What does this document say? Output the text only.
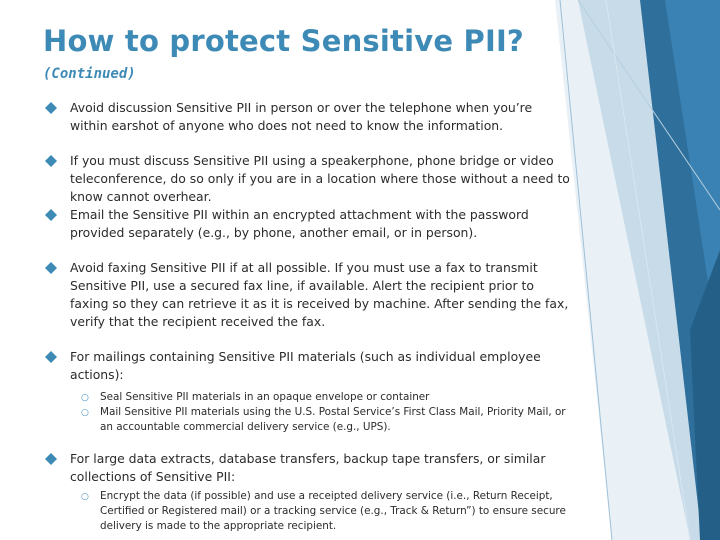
How to protect Sensitive PII?
(Continued)
Avoid discussion Sensitive PII in person or over the telephone when you’re within earshot of anyone who does not need to know the information.
If you must discuss Sensitive PII using a speakerphone, phone bridge or video teleconference, do so only if you are in a location where those without a need to know cannot overhear.
Email the Sensitive PII within an encrypted attachment with the password provided separately (e.g., by phone, another email, or in person).
Avoid faxing Sensitive PII if at all possible. If you must use a fax to transmit Sensitive PII, use a secured fax line, if available. Alert the recipient prior to faxing so they can retrieve it as it is received by machine. After sending the fax, verify that the recipient received the fax.
For mailings containing Sensitive PII materials (such as individual employee actions):
○ Seal Sensitive PII materials in an opaque envelope or container
○ Mail Sensitive PII materials using the U.S. Postal Service’s First Class Mail, Priority Mail, or an accountable commercial delivery service (e.g., UPS).
For large data extracts, database transfers, backup tape transfers, or similar collections of Sensitive PII:
○ Encrypt the data (if possible) and use a receipted delivery service (i.e., Return Receipt, Certified or Registered mail) or a tracking service (e.g., Track & Return”) to ensure secure delivery is made to the appropriate recipient.
